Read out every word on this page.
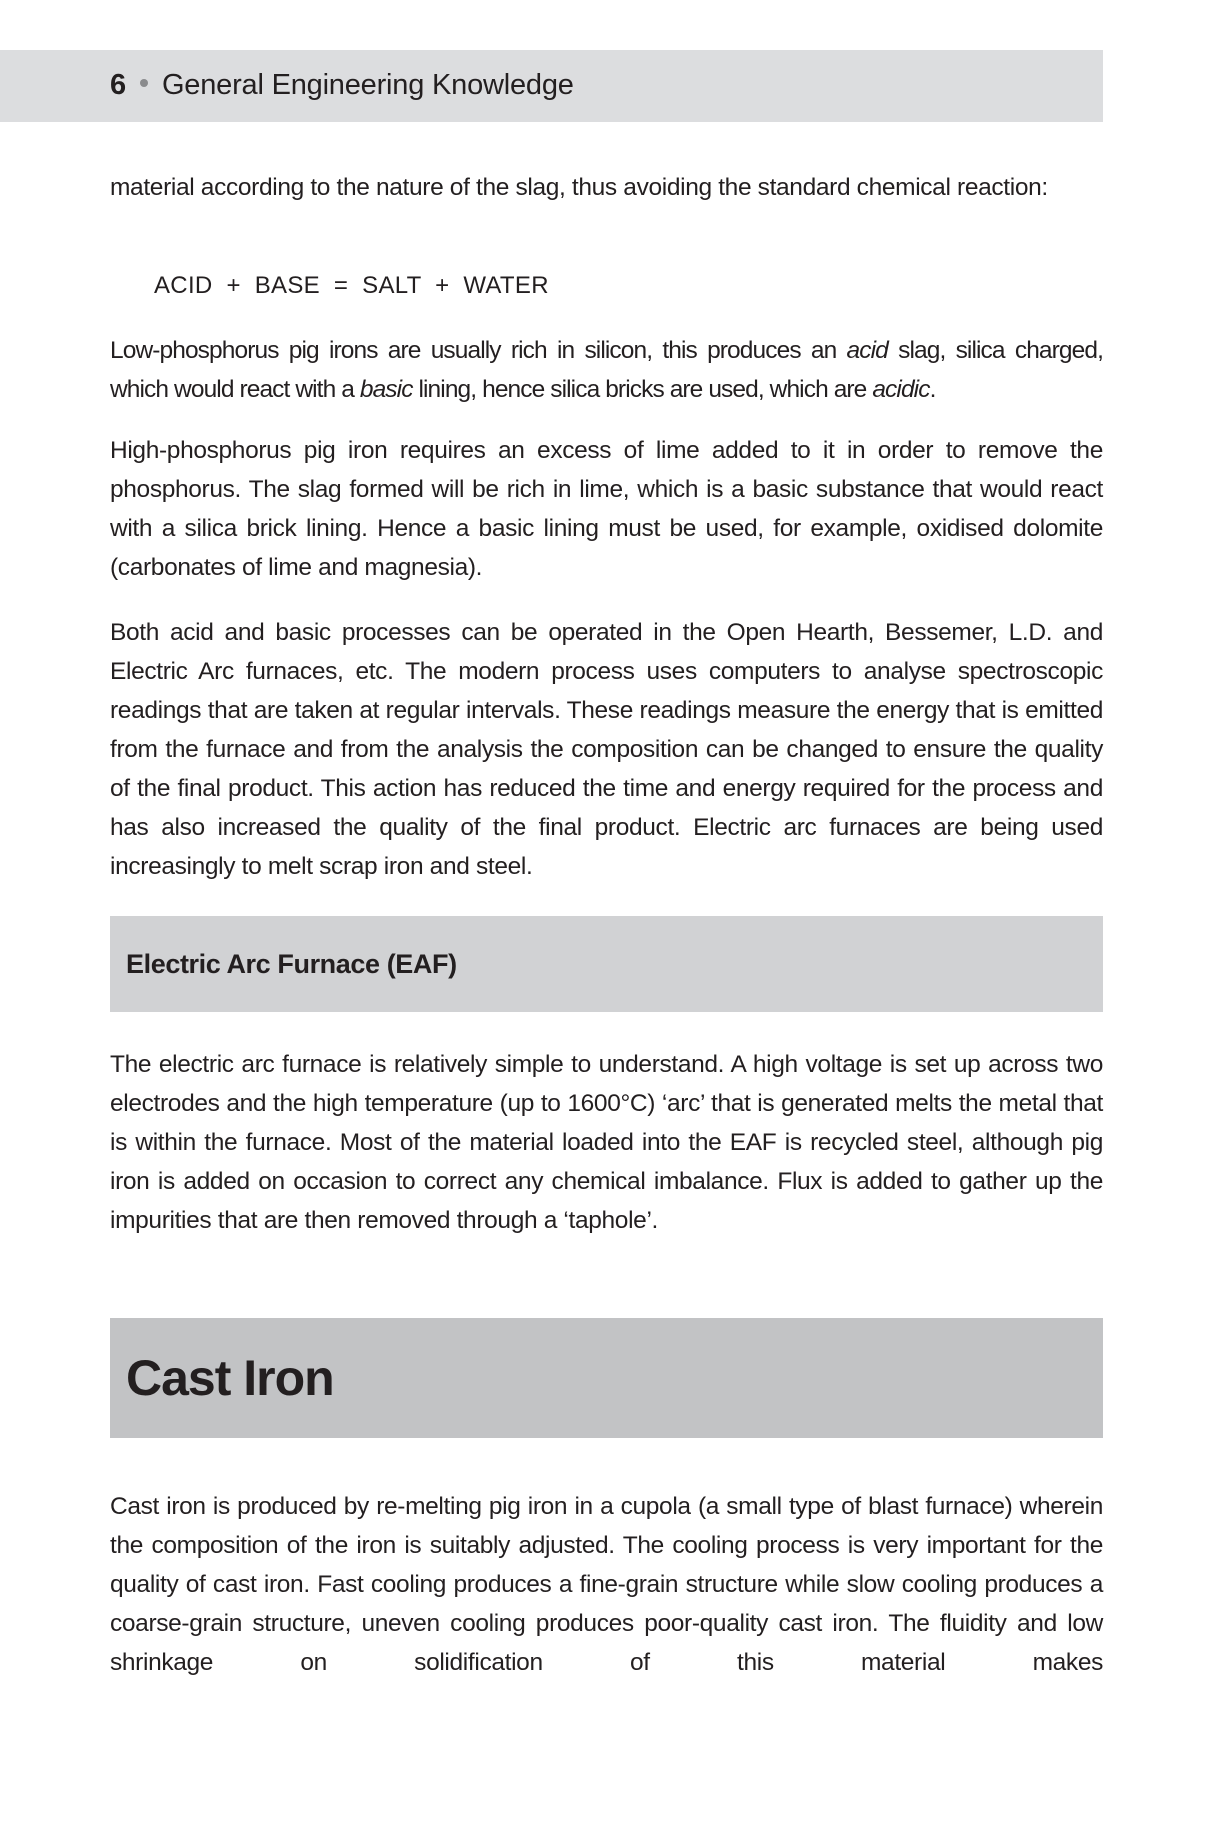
6 General Engineering Knowledge

material according to the nature of the slag, thus avoiding the standard chemical reaction:

ACID  +  BASE  =  SALT  +  WATER

Low-phosphorus pig irons are usually rich in silicon, this produces an acid slag, silica charged, which would react with a basic lining, hence silica bricks are used, which are acidic.

High-phosphorus pig iron requires an excess of lime added to it in order to remove the phosphorus. The slag formed will be rich in lime, which is a basic substance that would react with a silica brick lining. Hence a basic lining must be used, for example, oxidised dolomite (carbonates of lime and magnesia).

Both acid and basic processes can be operated in the Open Hearth, Bessemer, L.D. and Electric Arc furnaces, etc. The modern process uses computers to analyse spectroscopic readings that are taken at regular intervals. These readings measure the energy that is emitted from the furnace and from the analysis the composition can be changed to ensure the quality of the final product. This action has reduced the time and energy required for the process and has also increased the quality of the final product. Electric arc furnaces are being used increasingly to melt scrap iron and steel.

Electric Arc Furnace (EAF)

The electric arc furnace is relatively simple to understand. A high voltage is set up across two electrodes and the high temperature (up to 1600°C) ‘arc’ that is generated melts the metal that is within the furnace. Most of the material loaded into the EAF is recycled steel, although pig iron is added on occasion to correct any chemical imbalance. Flux is added to gather up the impurities that are then removed through a ‘taphole’.

Cast Iron

Cast iron is produced by re-melting pig iron in a cupola (a small type of blast furnace) wherein the composition of the iron is suitably adjusted. The cooling process is very important for the quality of cast iron. Fast cooling produces a fine-grain structure while slow cooling produces a coarse-grain structure, uneven cooling produces poor-quality cast iron. The fluidity and low shrinkage on solidification of this material makes
